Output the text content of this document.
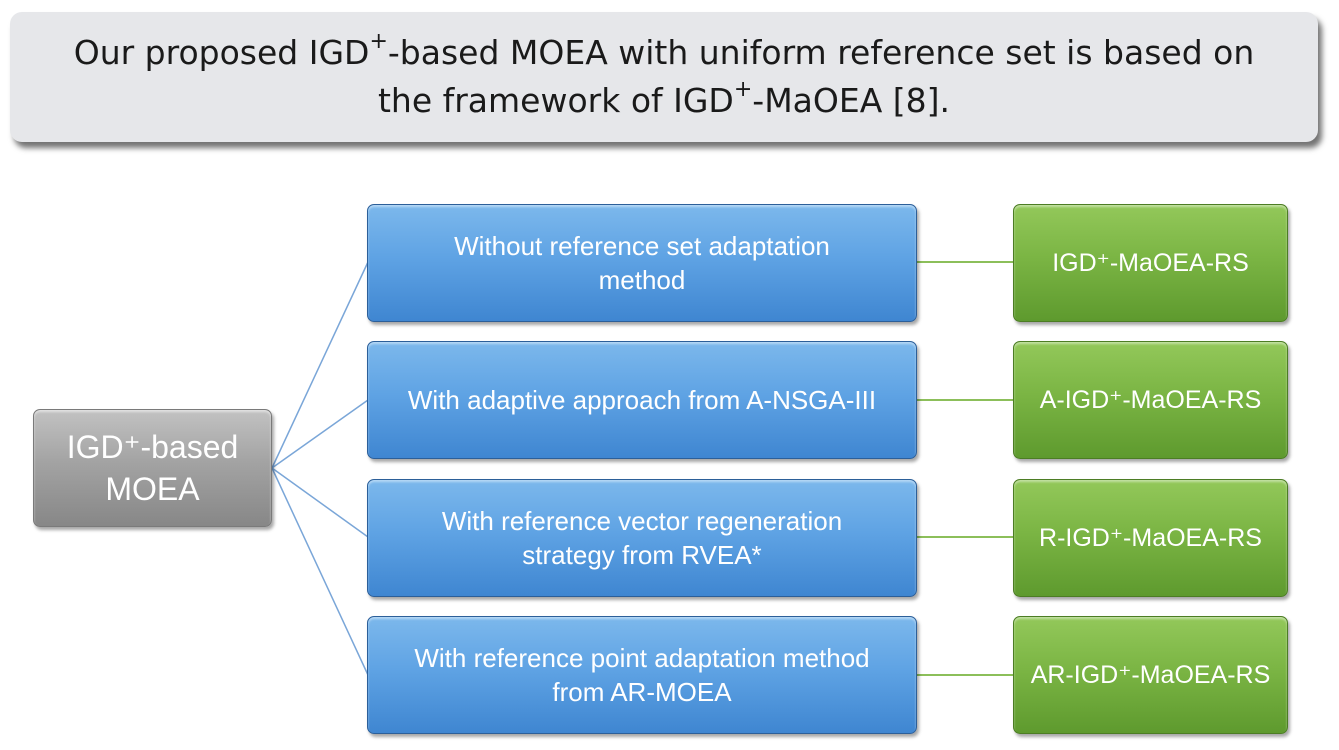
Our proposed IGD+-based MOEA with uniform reference set is based on
the framework of IGD+-MaOEA [8].
IGD⁺-based
MOEA
Without reference set adaptation
method
With adaptive approach from A-NSGA-III
With reference vector regeneration
strategy from RVEA*
With reference point adaptation method
from AR-MOEA
IGD⁺-MaOEA-RS
A-IGD⁺-MaOEA-RS
R-IGD⁺-MaOEA-RS
AR-IGD⁺-MaOEA-RS
